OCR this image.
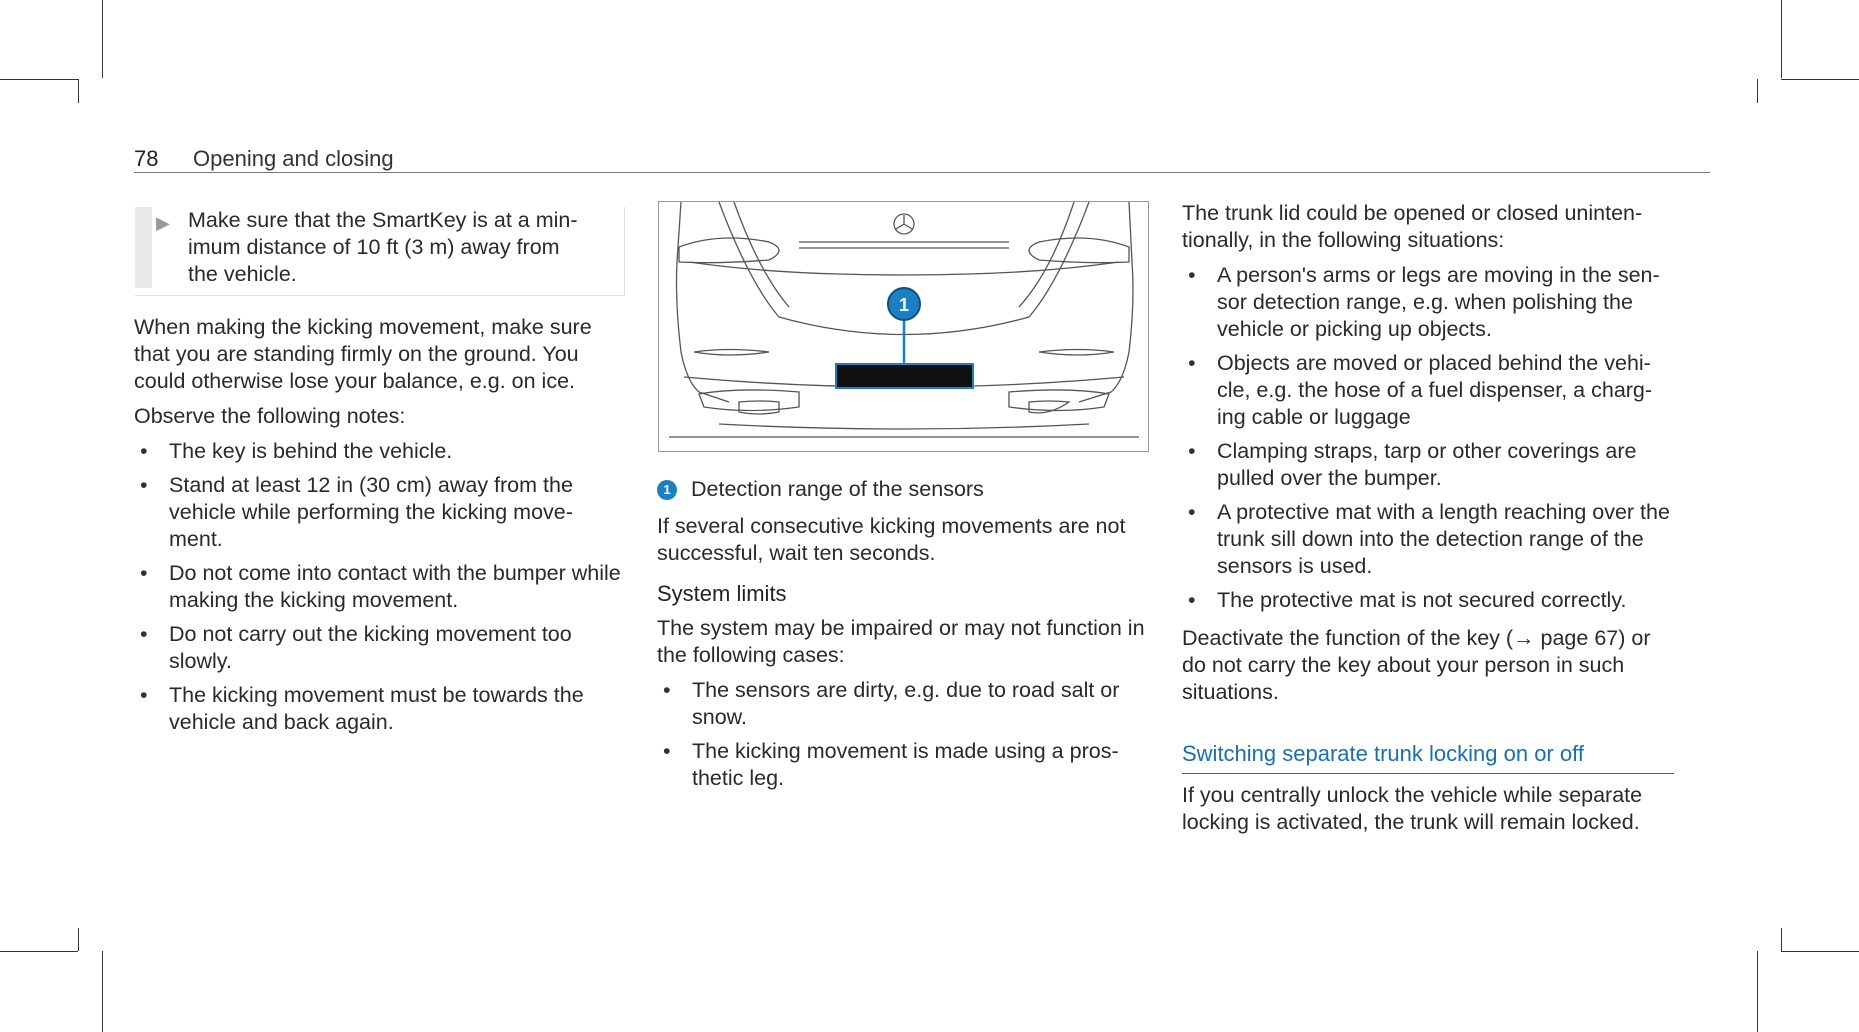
78 Opening and closing
▶ Make sure that the SmartKey is at a min-
imum distance of 10 ft (3 m) away from
the vehicle.

When making the kicking movement, make sure that you are standing firmly on the ground. You could otherwise lose your balance, e.g. on ice.

Observe the following notes:

• The key is behind the vehicle.
• Stand at least 12 in (30 cm) away from the vehicle while performing the kicking move-ment.
• Do not come into contact with the bumper while making the kicking movement.
• Do not carry out the kicking movement too slowly.
• The kicking movement must be towards the vehicle and back again.
1

1 Detection range of the sensors

If several consecutive kicking movements are not successful, wait ten seconds.

System limits

The system may be impaired or may not function in the following cases:

• The sensors are dirty, e.g. due to road salt or snow.
• The kicking movement is made using a pros-thetic leg.

The trunk lid could be opened or closed uninten-tionally, in the following situations:

• A person's arms or legs are moving in the sen-sor detection range, e.g. when polishing the vehicle or picking up objects.
• Objects are moved or placed behind the vehi-cle, e.g. the hose of a fuel dispenser, a charg-ing cable or luggage
• Clamping straps, tarp or other coverings are pulled over the bumper.
• A protective mat with a length reaching over the trunk sill down into the detection range of the sensors is used.
• The protective mat is not secured correctly.

Deactivate the function of the key (→ page 67) or do not carry the key about your person in such situations.

Switching separate trunk locking on or off

If you centrally unlock the vehicle while separate locking is activated, the trunk will remain locked.
